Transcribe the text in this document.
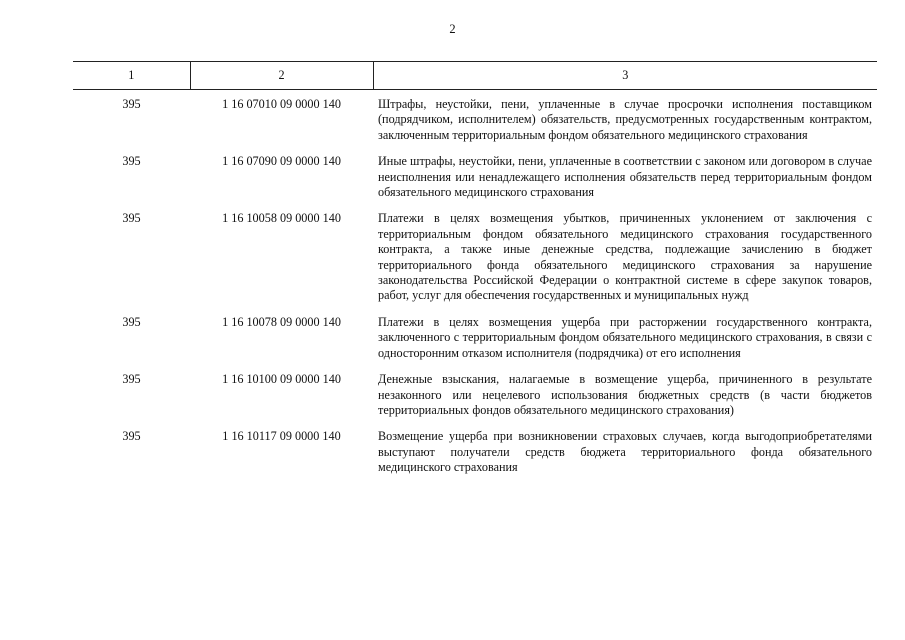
2
1	2	3
395	1 16 07010 09 0000 140	Штрафы, неустойки, пени, уплаченные в случае просрочки исполнения поставщиком (подрядчиком, исполнителем) обязательств, предусмотренных государственным контрактом, заключенным территориальным фондом обязательного медицинского страхования
395	1 16 07090 09 0000 140	Иные штрафы, неустойки, пени, уплаченные в соответствии с законом или договором в случае неисполнения или ненадлежащего исполнения обязательств перед территориальным фондом обязательного медицинского страхования
395	1 16 10058 09 0000 140	Платежи в целях возмещения убытков, причиненных уклонением от заключения с территориальным фондом обязательного медицинского страхования государственного контракта, а также иные денежные средства, подлежащие зачислению в бюджет территориального фонда обязательного медицинского страхования за нарушение законодательства Российской Федерации о контрактной системе в сфере закупок товаров, работ, услуг для обеспечения государственных и муниципальных нужд
395	1 16 10078 09 0000 140	Платежи в целях возмещения ущерба при расторжении государственного контракта, заключенного с территориальным фондом обязательного медицинского страхования, в связи с односторонним отказом исполнителя (подрядчика) от его исполнения
395	1 16 10100 09 0000 140	Денежные взыскания, налагаемые в возмещение ущерба, причиненного в результате незаконного или нецелевого использования бюджетных средств (в части бюджетов территориальных фондов обязательного медицинского страхования)
395	1 16 10117 09 0000 140	Возмещение ущерба при возникновении страховых случаев, когда выгодоприобретателями выступают получатели средств бюджета территориального фонда обязательного медицинского страхования
